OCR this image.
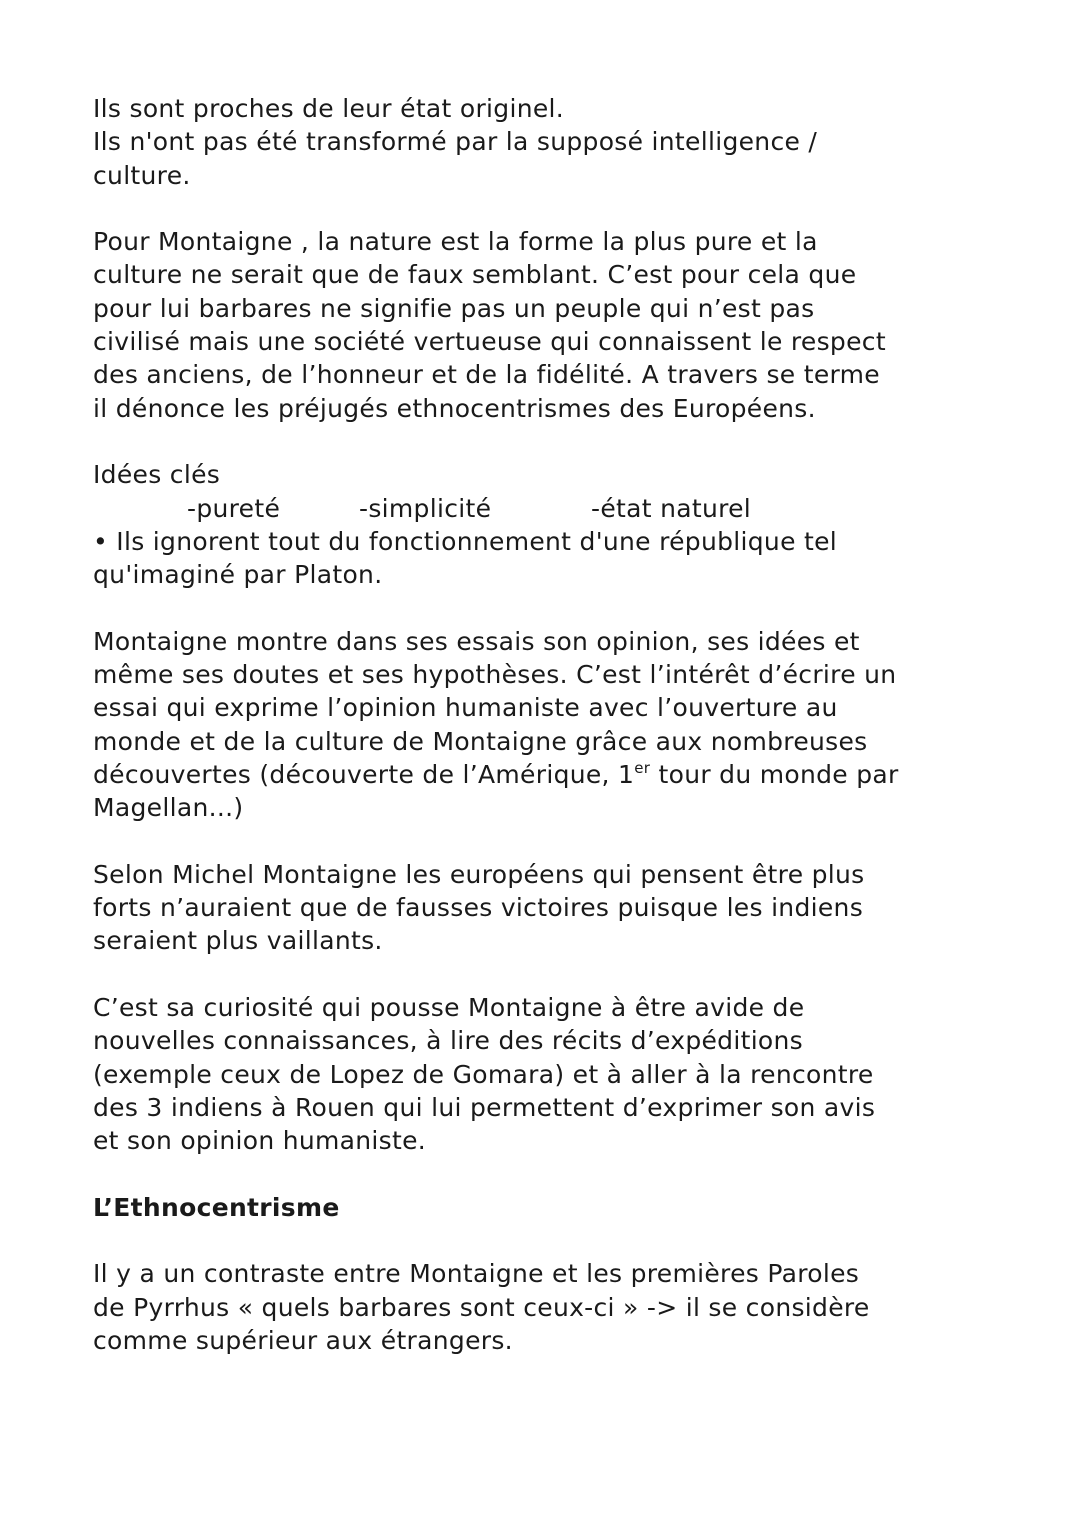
Ils sont proches de leur état originel.
Ils n'ont pas été transformé par la supposé intelligence /
culture.
Pour Montaigne , la nature est la forme la plus pure et la
culture ne serait que de faux semblant. C’est pour cela que
pour lui barbares ne signifie pas un peuple qui n’est pas
civilisé mais une société vertueuse qui connaissent le respect
des anciens, de l’honneur et de la fidélité. A travers se terme
il dénonce les préjugés ethnocentrismes des Européens.
Idées clés
-pureté	-simplicité	-état naturel
• Ils ignorent tout du fonctionnement d'une république tel
qu'imaginé par Platon.
Montaigne montre dans ses essais son opinion, ses idées et
même ses doutes et ses hypothèses. C’est l’intérêt d’écrire un
essai qui exprime l’opinion humaniste avec l’ouverture au
monde et de la culture de Montaigne grâce aux nombreuses
découvertes (découverte de l’Amérique, 1er tour du monde par
Magellan...)
Selon Michel Montaigne les européens qui pensent être plus
forts n’auraient que de fausses victoires puisque les indiens
seraient plus vaillants.
C’est sa curiosité qui pousse Montaigne à être avide de
nouvelles connaissances, à lire des récits d’expéditions
(exemple ceux de Lopez de Gomara) et à aller à la rencontre
des 3 indiens à Rouen qui lui permettent d’exprimer son avis
et son opinion humaniste.
L’Ethnocentrisme
Il y a un contraste entre Montaigne et les premières Paroles
de Pyrrhus « quels barbares sont ceux-ci » -> il se considère
comme supérieur aux étrangers.
